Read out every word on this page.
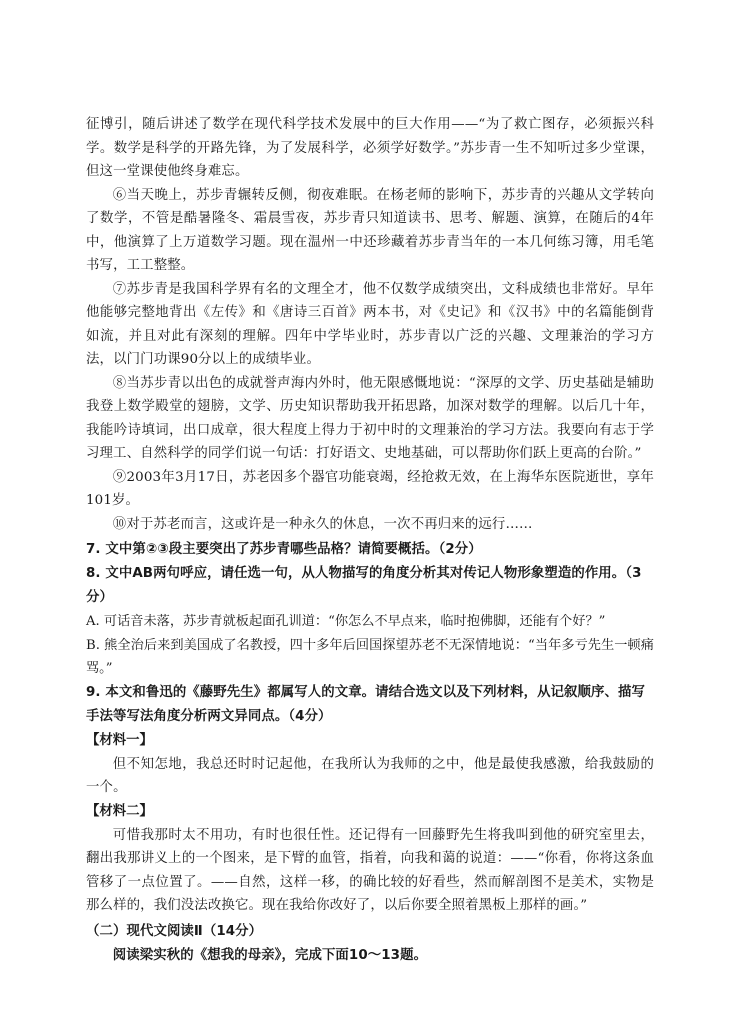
征博引，随后讲述了数学在现代科学技术发展中的巨大作用——“为了救亡图存，必须振兴科学。数学是科学的开路先锋，为了发展科学，必须学好数学。”苏步青一生不知听过多少堂课，但这一堂课使他终身难忘。

⑥当天晚上，苏步青辗转反侧，彻夜难眠。在杨老师的影响下，苏步青的兴趣从文学转向了数学，不管是酷暑隆冬、霜晨雪夜，苏步青只知道读书、思考、解题、演算，在随后的4年中，他演算了上万道数学习题。现在温州一中还珍藏着苏步青当年的一本几何练习簿，用毛笔书写，工工整整。

⑦苏步青是我国科学界有名的文理全才，他不仅数学成绩突出，文科成绩也非常好。早年他能够完整地背出《左传》和《唐诗三百首》两本书，对《史记》和《汉书》中的名篇能倒背如流，并且对此有深刻的理解。四年中学毕业时，苏步青以广泛的兴趣、文理兼治的学习方法，以门门功课90分以上的成绩毕业。

⑧当苏步青以出色的成就誉声海内外时，他无限感慨地说：“深厚的文学、历史基础是辅助我登上数学殿堂的翅膀，文学、历史知识帮助我开拓思路，加深对数学的理解。以后几十年，我能吟诗填词，出口成章，很大程度上得力于初中时的文理兼治的学习方法。我要向有志于学习理工、自然科学的同学们说一句话：打好语文、史地基础，可以帮助你们跃上更高的台阶。”

⑨2003年3月17日，苏老因多个器官功能衰竭，经抢救无效，在上海华东医院逝世，享年101岁。

⑩对于苏老而言，这或许是一种永久的休息，一次不再归来的远行……

7. 文中第②③段主要突出了苏步青哪些品格？请简要概括。（2分）

8. 文中AB两句呼应，请任选一句，从人物描写的角度分析其对传记人物形象塑造的作用。（3分）

A. 可话音未落，苏步青就板起面孔训道：“你怎么不早点来，临时抱佛脚，还能有个好？”

B. 熊全治后来到美国成了名教授，四十多年后回国探望苏老不无深情地说：“当年多亏先生一顿痛骂。”

9. 本文和鲁迅的《藤野先生》都属写人的文章。请结合选文以及下列材料，从记叙顺序、描写手法等写法角度分析两文异同点。（4分）

【材料一】

但不知怎地，我总还时时记起他，在我所认为我师的之中，他是最使我感激，给我鼓励的一个。

【材料二】

可惜我那时太不用功，有时也很任性。还记得有一回藤野先生将我叫到他的研究室里去，翻出我那讲义上的一个图来，是下臂的血管，指着，向我和蔼的说道：——“你看，你将这条血管移了一点位置了。——自然，这样一移，的确比较的好看些，然而解剖图不是美术，实物是那么样的，我们没法改换它。现在我给你改好了，以后你要全照着黑板上那样的画。”

（二）现代文阅读Ⅱ（14分）

阅读梁实秋的《想我的母亲》，完成下面10～13题。
